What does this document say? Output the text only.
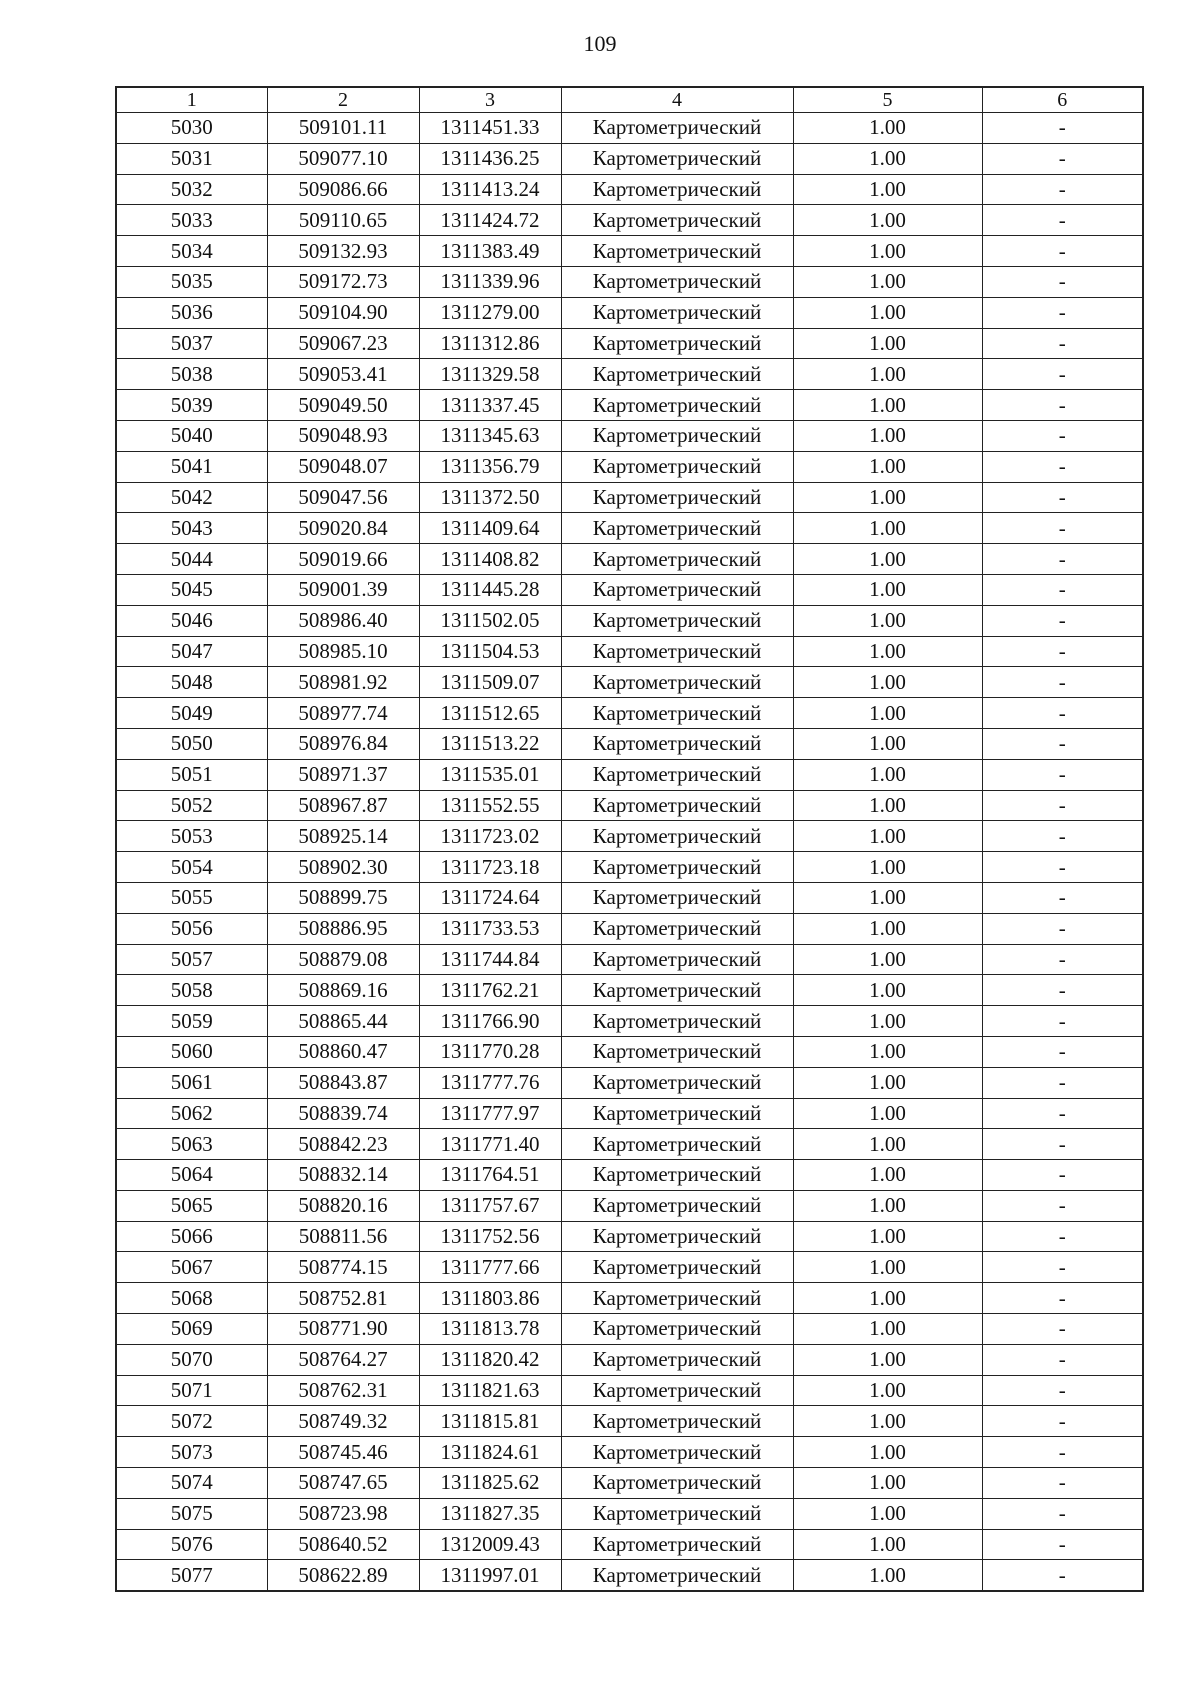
109
1	2	3	4	5	6
5030	509101.11	1311451.33	Картометрический	1.00	-
5031	509077.10	1311436.25	Картометрический	1.00	-
5032	509086.66	1311413.24	Картометрический	1.00	-
5033	509110.65	1311424.72	Картометрический	1.00	-
5034	509132.93	1311383.49	Картометрический	1.00	-
5035	509172.73	1311339.96	Картометрический	1.00	-
5036	509104.90	1311279.00	Картометрический	1.00	-
5037	509067.23	1311312.86	Картометрический	1.00	-
5038	509053.41	1311329.58	Картометрический	1.00	-
5039	509049.50	1311337.45	Картометрический	1.00	-
5040	509048.93	1311345.63	Картометрический	1.00	-
5041	509048.07	1311356.79	Картометрический	1.00	-
5042	509047.56	1311372.50	Картометрический	1.00	-
5043	509020.84	1311409.64	Картометрический	1.00	-
5044	509019.66	1311408.82	Картометрический	1.00	-
5045	509001.39	1311445.28	Картометрический	1.00	-
5046	508986.40	1311502.05	Картометрический	1.00	-
5047	508985.10	1311504.53	Картометрический	1.00	-
5048	508981.92	1311509.07	Картометрический	1.00	-
5049	508977.74	1311512.65	Картометрический	1.00	-
5050	508976.84	1311513.22	Картометрический	1.00	-
5051	508971.37	1311535.01	Картометрический	1.00	-
5052	508967.87	1311552.55	Картометрический	1.00	-
5053	508925.14	1311723.02	Картометрический	1.00	-
5054	508902.30	1311723.18	Картометрический	1.00	-
5055	508899.75	1311724.64	Картометрический	1.00	-
5056	508886.95	1311733.53	Картометрический	1.00	-
5057	508879.08	1311744.84	Картометрический	1.00	-
5058	508869.16	1311762.21	Картометрический	1.00	-
5059	508865.44	1311766.90	Картометрический	1.00	-
5060	508860.47	1311770.28	Картометрический	1.00	-
5061	508843.87	1311777.76	Картометрический	1.00	-
5062	508839.74	1311777.97	Картометрический	1.00	-
5063	508842.23	1311771.40	Картометрический	1.00	-
5064	508832.14	1311764.51	Картометрический	1.00	-
5065	508820.16	1311757.67	Картометрический	1.00	-
5066	508811.56	1311752.56	Картометрический	1.00	-
5067	508774.15	1311777.66	Картометрический	1.00	-
5068	508752.81	1311803.86	Картометрический	1.00	-
5069	508771.90	1311813.78	Картометрический	1.00	-
5070	508764.27	1311820.42	Картометрический	1.00	-
5071	508762.31	1311821.63	Картометрический	1.00	-
5072	508749.32	1311815.81	Картометрический	1.00	-
5073	508745.46	1311824.61	Картометрический	1.00	-
5074	508747.65	1311825.62	Картометрический	1.00	-
5075	508723.98	1311827.35	Картометрический	1.00	-
5076	508640.52	1312009.43	Картометрический	1.00	-
5077	508622.89	1311997.01	Картометрический	1.00	-
